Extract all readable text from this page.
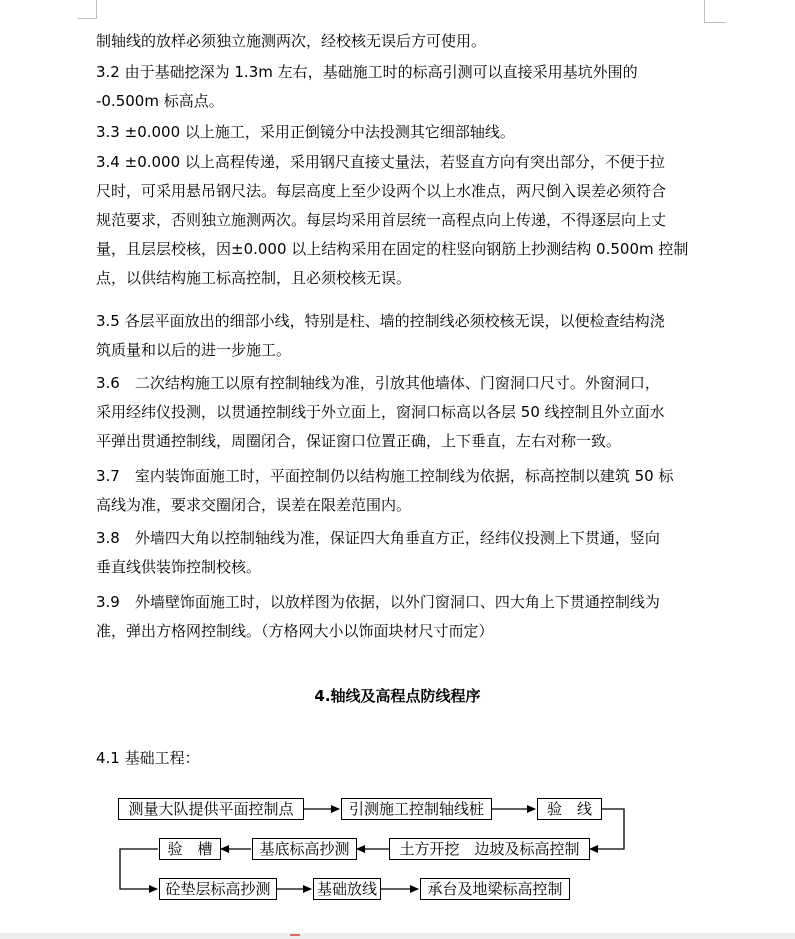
制轴线的放样必须独立施测两次，经校核无误后方可使用。

3.2 由于基础挖深为 1.3m 左右，基础施工时的标高引测可以直接采用基坑外围的
-0.500m 标高点。

3.3 ±0.000 以上施工，采用正倒镜分中法投测其它细部轴线。

3.4 ±0.000 以上高程传递，采用钢尺直接丈量法，若竖直方向有突出部分，不便于拉
尺时，可采用悬吊钢尺法。每层高度上至少设两个以上水准点，两尺倒入误差必须符合
规范要求，否则独立施测两次。每层均采用首层统一高程点向上传递，不得逐层向上丈
量，且层层校核，因±0.000 以上结构采用在固定的柱竖向钢筋上抄测结构 0.500m 控制
点，以供结构施工标高控制，且必须校核无误。

3.5 各层平面放出的细部小线，特别是柱、墙的控制线必须校核无误，以便检查结构浇
筑质量和以后的进一步施工。

3.6　二次结构施工以原有控制轴线为准，引放其他墙体、门窗洞口尺寸。外窗洞口，
采用经纬仪投测，以贯通控制线于外立面上，窗洞口标高以各层 50 线控制且外立面水
平弹出贯通控制线，周圈闭合，保证窗口位置正确，上下垂直，左右对称一致。

3.7　室内装饰面施工时，平面控制仍以结构施工控制线为依据，标高控制以建筑 50 标
高线为准，要求交圈闭合，误差在限差范围内。

3.8　外墙四大角以控制轴线为准，保证四大角垂直方正，经纬仪投测上下贯通，竖向
垂直线供装饰控制校核。

3.9　外墙壁饰面施工时，以放样图为依据，以外门窗洞口、四大角上下贯通控制线为
准，弹出方格网控制线。（方格网大小以饰面块材尺寸而定）

4.轴线及高程点防线程序

4.1 基础工程：

测量大队提供平面控制点	引测施工控制轴线桩	验　线
验　槽	基底标高抄测	土方开挖　边坡及标高控制
砼垫层标高抄测	基础放线	承台及地梁标高控制
